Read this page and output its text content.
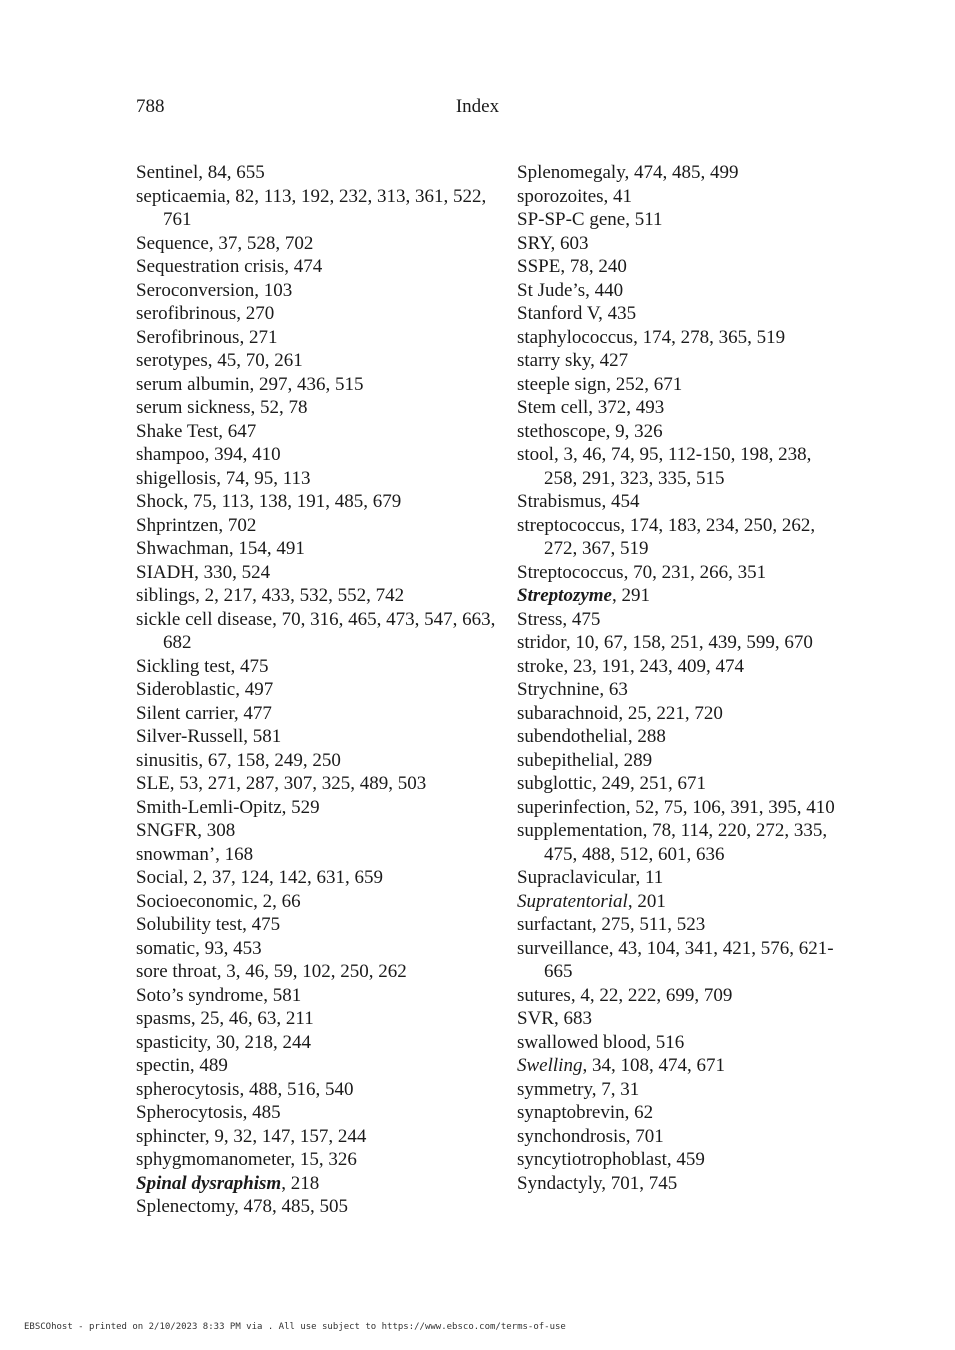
788	Index
Sentinel, 84, 655
septicaemia, 82, 113, 192, 232, 313, 361, 522, 761
Sequence, 37, 528, 702
Sequestration crisis, 474
Seroconversion, 103
serofibrinous, 270
Serofibrinous, 271
serotypes, 45, 70, 261
serum albumin, 297, 436, 515
serum sickness, 52, 78
Shake Test, 647
shampoo, 394, 410
shigellosis, 74, 95, 113
Shock, 75, 113, 138, 191, 485, 679
Shprintzen, 702
Shwachman, 154, 491
SIADH, 330, 524
siblings, 2, 217, 433, 532, 552, 742
sickle cell disease, 70, 316, 465, 473, 547, 663, 682
Sickling test, 475
Sideroblastic, 497
Silent carrier, 477
Silver-Russell, 581
sinusitis, 67, 158, 249, 250
SLE, 53, 271, 287, 307, 325, 489, 503
Smith-Lemli-Opitz, 529
SNGFR, 308
snowman’, 168
Social, 2, 37, 124, 142, 631, 659
Socioeconomic, 2, 66
Solubility test, 475
somatic, 93, 453
sore throat, 3, 46, 59, 102, 250, 262
Soto’s syndrome, 581
spasms, 25, 46, 63, 211
spasticity, 30, 218, 244
spectin, 489
spherocytosis, 488, 516, 540
Spherocytosis, 485
sphincter, 9, 32, 147, 157, 244
sphygmomanometer, 15, 326
Spinal dysraphism, 218
Splenectomy, 478, 485, 505
Splenomegaly, 474, 485, 499
sporozoites, 41
SP-SP-C gene, 511
SRY, 603
SSPE, 78, 240
St Jude’s, 440
Stanford V, 435
staphylococcus, 174, 278, 365, 519
starry sky, 427
steeple sign, 252, 671
Stem cell, 372, 493
stethoscope, 9, 326
stool, 3, 46, 74, 95, 112-150, 198, 238, 258, 291, 323, 335, 515
Strabismus, 454
streptococcus, 174, 183, 234, 250, 262, 272, 367, 519
Streptococcus, 70, 231, 266, 351
Streptozyme, 291
Stress, 475
stridor, 10, 67, 158, 251, 439, 599, 670
stroke, 23, 191, 243, 409, 474
Strychnine, 63
subarachnoid, 25, 221, 720
subendothelial, 288
subepithelial, 289
subglottic, 249, 251, 671
superinfection, 52, 75, 106, 391, 395, 410
supplementation, 78, 114, 220, 272, 335, 475, 488, 512, 601, 636
Supraclavicular, 11
Supratentorial, 201
surfactant, 275, 511, 523
surveillance, 43, 104, 341, 421, 576, 621- 665
sutures, 4, 22, 222, 699, 709
SVR, 683
swallowed blood, 516
Swelling, 34, 108, 474, 671
symmetry, 7, 31
synaptobrevin, 62
synchondrosis, 701
syncytiotrophoblast, 459
Syndactyly, 701, 745
EBSCOhost - printed on 2/10/2023 8:33 PM via . All use subject to https://www.ebsco.com/terms-of-use
